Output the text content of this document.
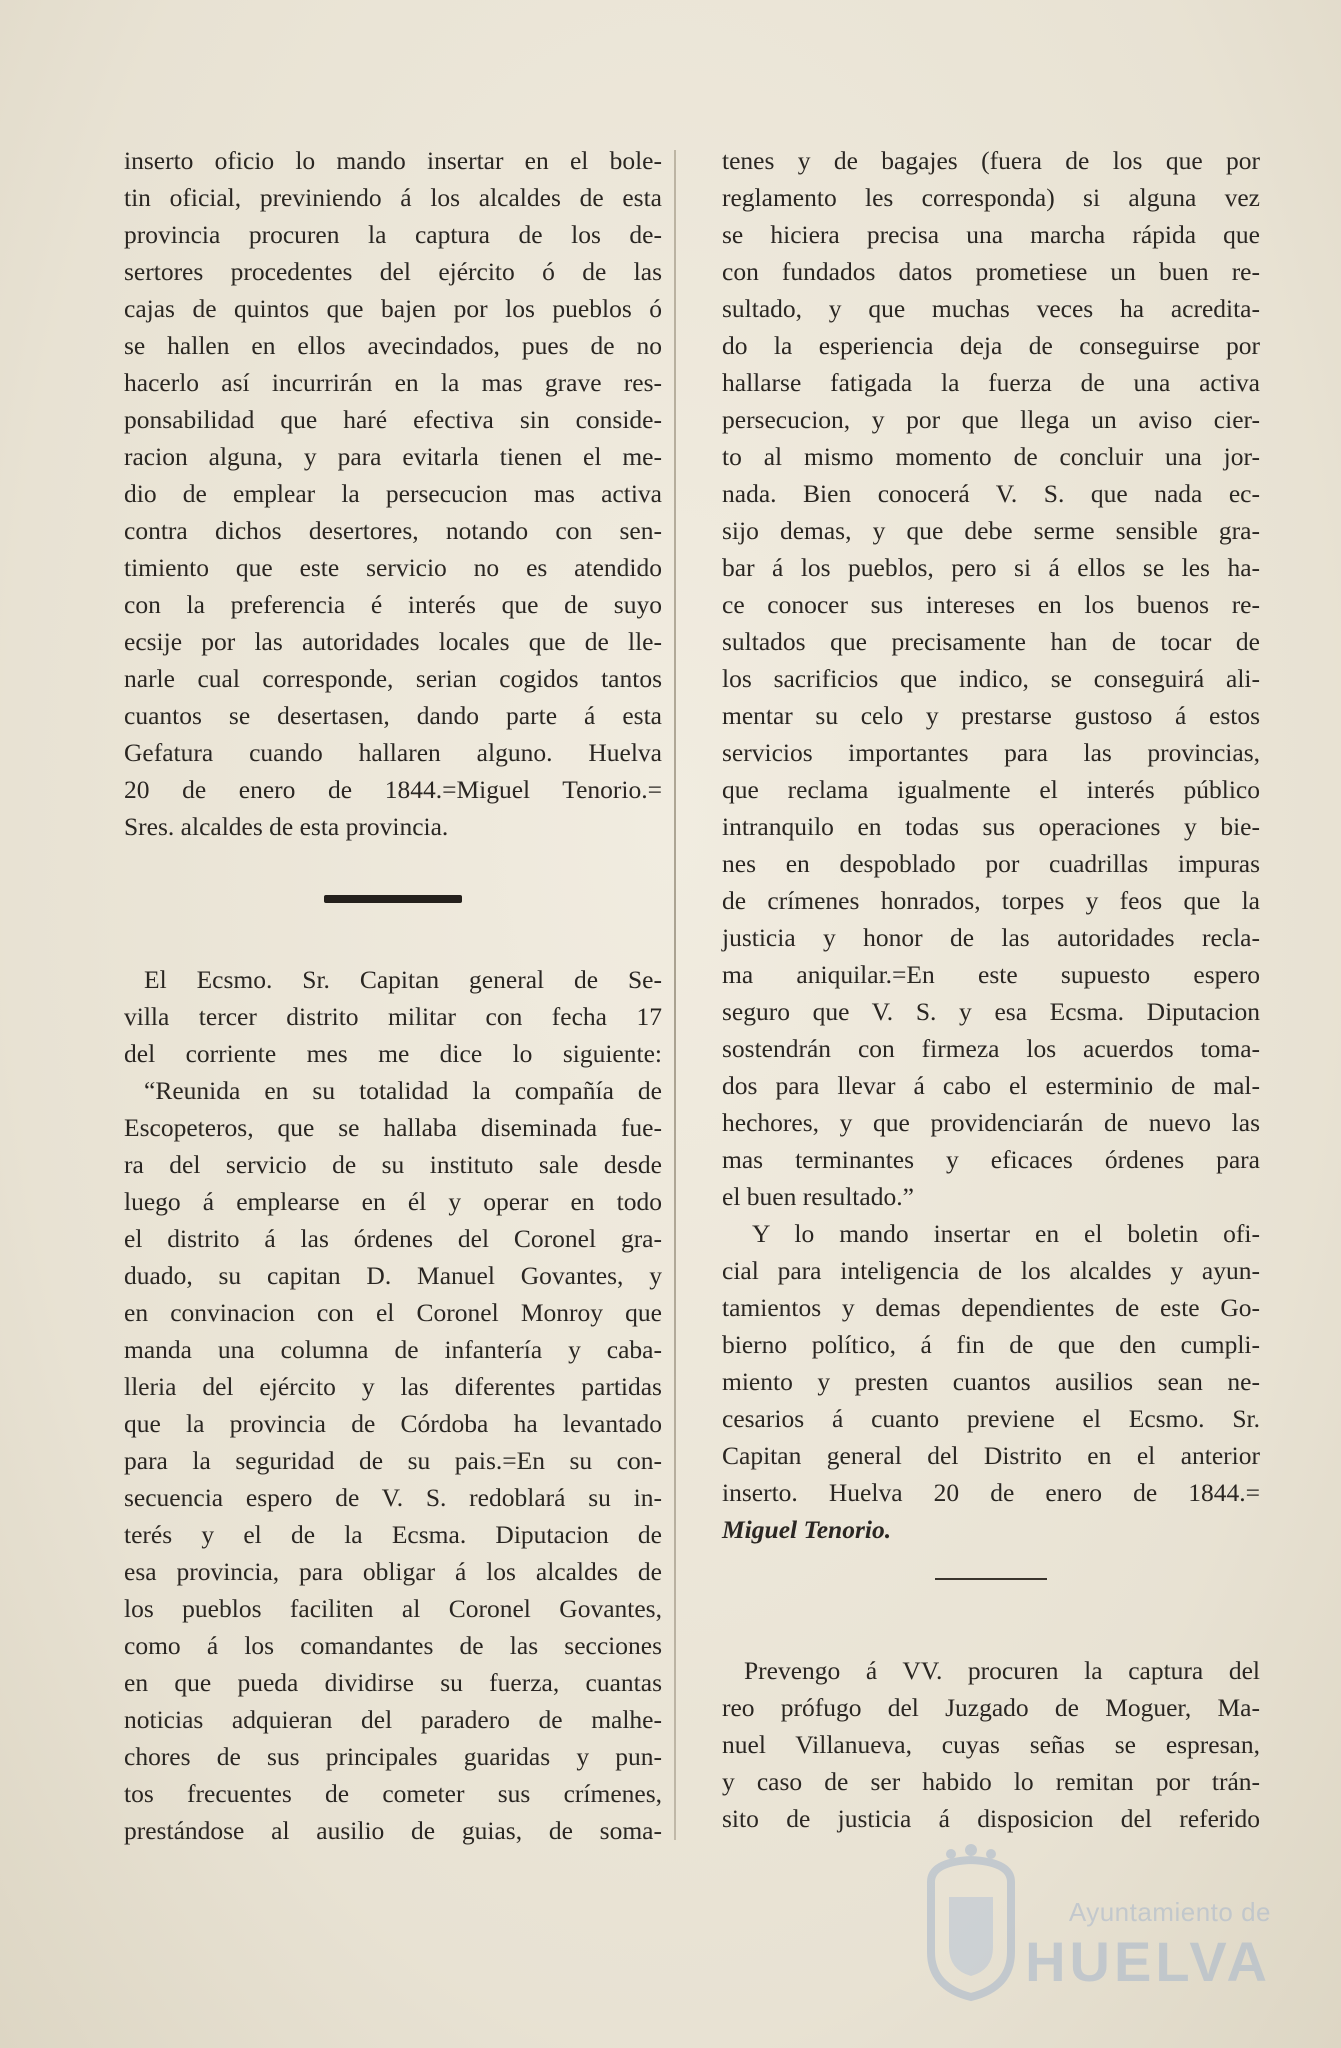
inserto oficio lo mando insertar en el bole-
tin oficial, previniendo á los alcaldes de esta
provincia procuren la captura de los de-
sertores procedentes del ejército ó de las
cajas de quintos que bajen por los pueblos ó
se hallen en ellos avecindados, pues de no
hacerlo así incurrirán en la mas grave res-
ponsabilidad que haré efectiva sin conside-
racion alguna, y para evitarla tienen el me-
dio de emplear la persecucion mas activa
contra dichos desertores, notando con sen-
timiento que este servicio no es atendido
con la preferencia é interés que de suyo
ecsije por las autoridades locales que de lle-
narle cual corresponde, serian cogidos tantos
cuantos se desertasen, dando parte á esta
Gefatura cuando hallaren alguno. Huelva
20 de enero de 1844.=Miguel Tenorio.=
Sres. alcaldes de esta provincia.
El Ecsmo. Sr. Capitan general de Se-
villa tercer distrito militar con fecha 17
del corriente mes me dice lo siguiente:
“Reunida en su totalidad la compañía de
Escopeteros, que se hallaba diseminada fue-
ra del servicio de su instituto sale desde
luego á emplearse en él y operar en todo
el distrito á las órdenes del Coronel gra-
duado, su capitan D. Manuel Govantes, y
en convinacion con el Coronel Monroy que
manda una columna de infantería y caba-
lleria del ejército y las diferentes partidas
que la provincia de Córdoba ha levantado
para la seguridad de su pais.=En su con-
secuencia espero de V. S. redoblará su in-
terés y el de la Ecsma. Diputacion de
esa provincia, para obligar á los alcaldes de
los pueblos faciliten al Coronel Govantes,
como á los comandantes de las secciones
en que pueda dividirse su fuerza, cuantas
noticias adquieran del paradero de malhe-
chores de sus principales guaridas y pun-
tos frecuentes de cometer sus crímenes,
prestándose al ausilio de guias, de soma-
tenes y de bagajes (fuera de los que por
reglamento les corresponda) si alguna vez
se hiciera precisa una marcha rápida que
con fundados datos prometiese un buen re-
sultado, y que muchas veces ha acredita-
do la esperiencia deja de conseguirse por
hallarse fatigada la fuerza de una activa
persecucion, y por que llega un aviso cier-
to al mismo momento de concluir una jor-
nada. Bien conocerá V. S. que nada ec-
sijo demas, y que debe serme sensible gra-
bar á los pueblos, pero si á ellos se les ha-
ce conocer sus intereses en los buenos re-
sultados que precisamente han de tocar de
los sacrificios que indico, se conseguirá ali-
mentar su celo y prestarse gustoso á estos
servicios importantes para las provincias,
que reclama igualmente el interés público
intranquilo en todas sus operaciones y bie-
nes en despoblado por cuadrillas impuras
de crímenes honrados, torpes y feos que la
justicia y honor de las autoridades recla-
ma aniquilar.=En este supuesto espero
seguro que V. S. y esa Ecsma. Diputacion
sostendrán con firmeza los acuerdos toma-
dos para llevar á cabo el esterminio de mal-
hechores, y que providenciarán de nuevo las
mas terminantes y eficaces órdenes para
el buen resultado.”
Y lo mando insertar en el boletin ofi-
cial para inteligencia de los alcaldes y ayun-
tamientos y demas dependientes de este Go-
bierno político, á fin de que den cumpli-
miento y presten cuantos ausilios sean ne-
cesarios á cuanto previene el Ecsmo. Sr.
Capitan general del Distrito en el anterior
inserto. Huelva 20 de enero de 1844.=
Miguel Tenorio.
Prevengo á VV. procuren la captura del
reo prófugo del Juzgado de Moguer, Ma-
nuel Villanueva, cuyas señas se espresan,
y caso de ser habido lo remitan por trán-
sito de justicia á disposicion del referido
Ayuntamiento de
HUELVA
